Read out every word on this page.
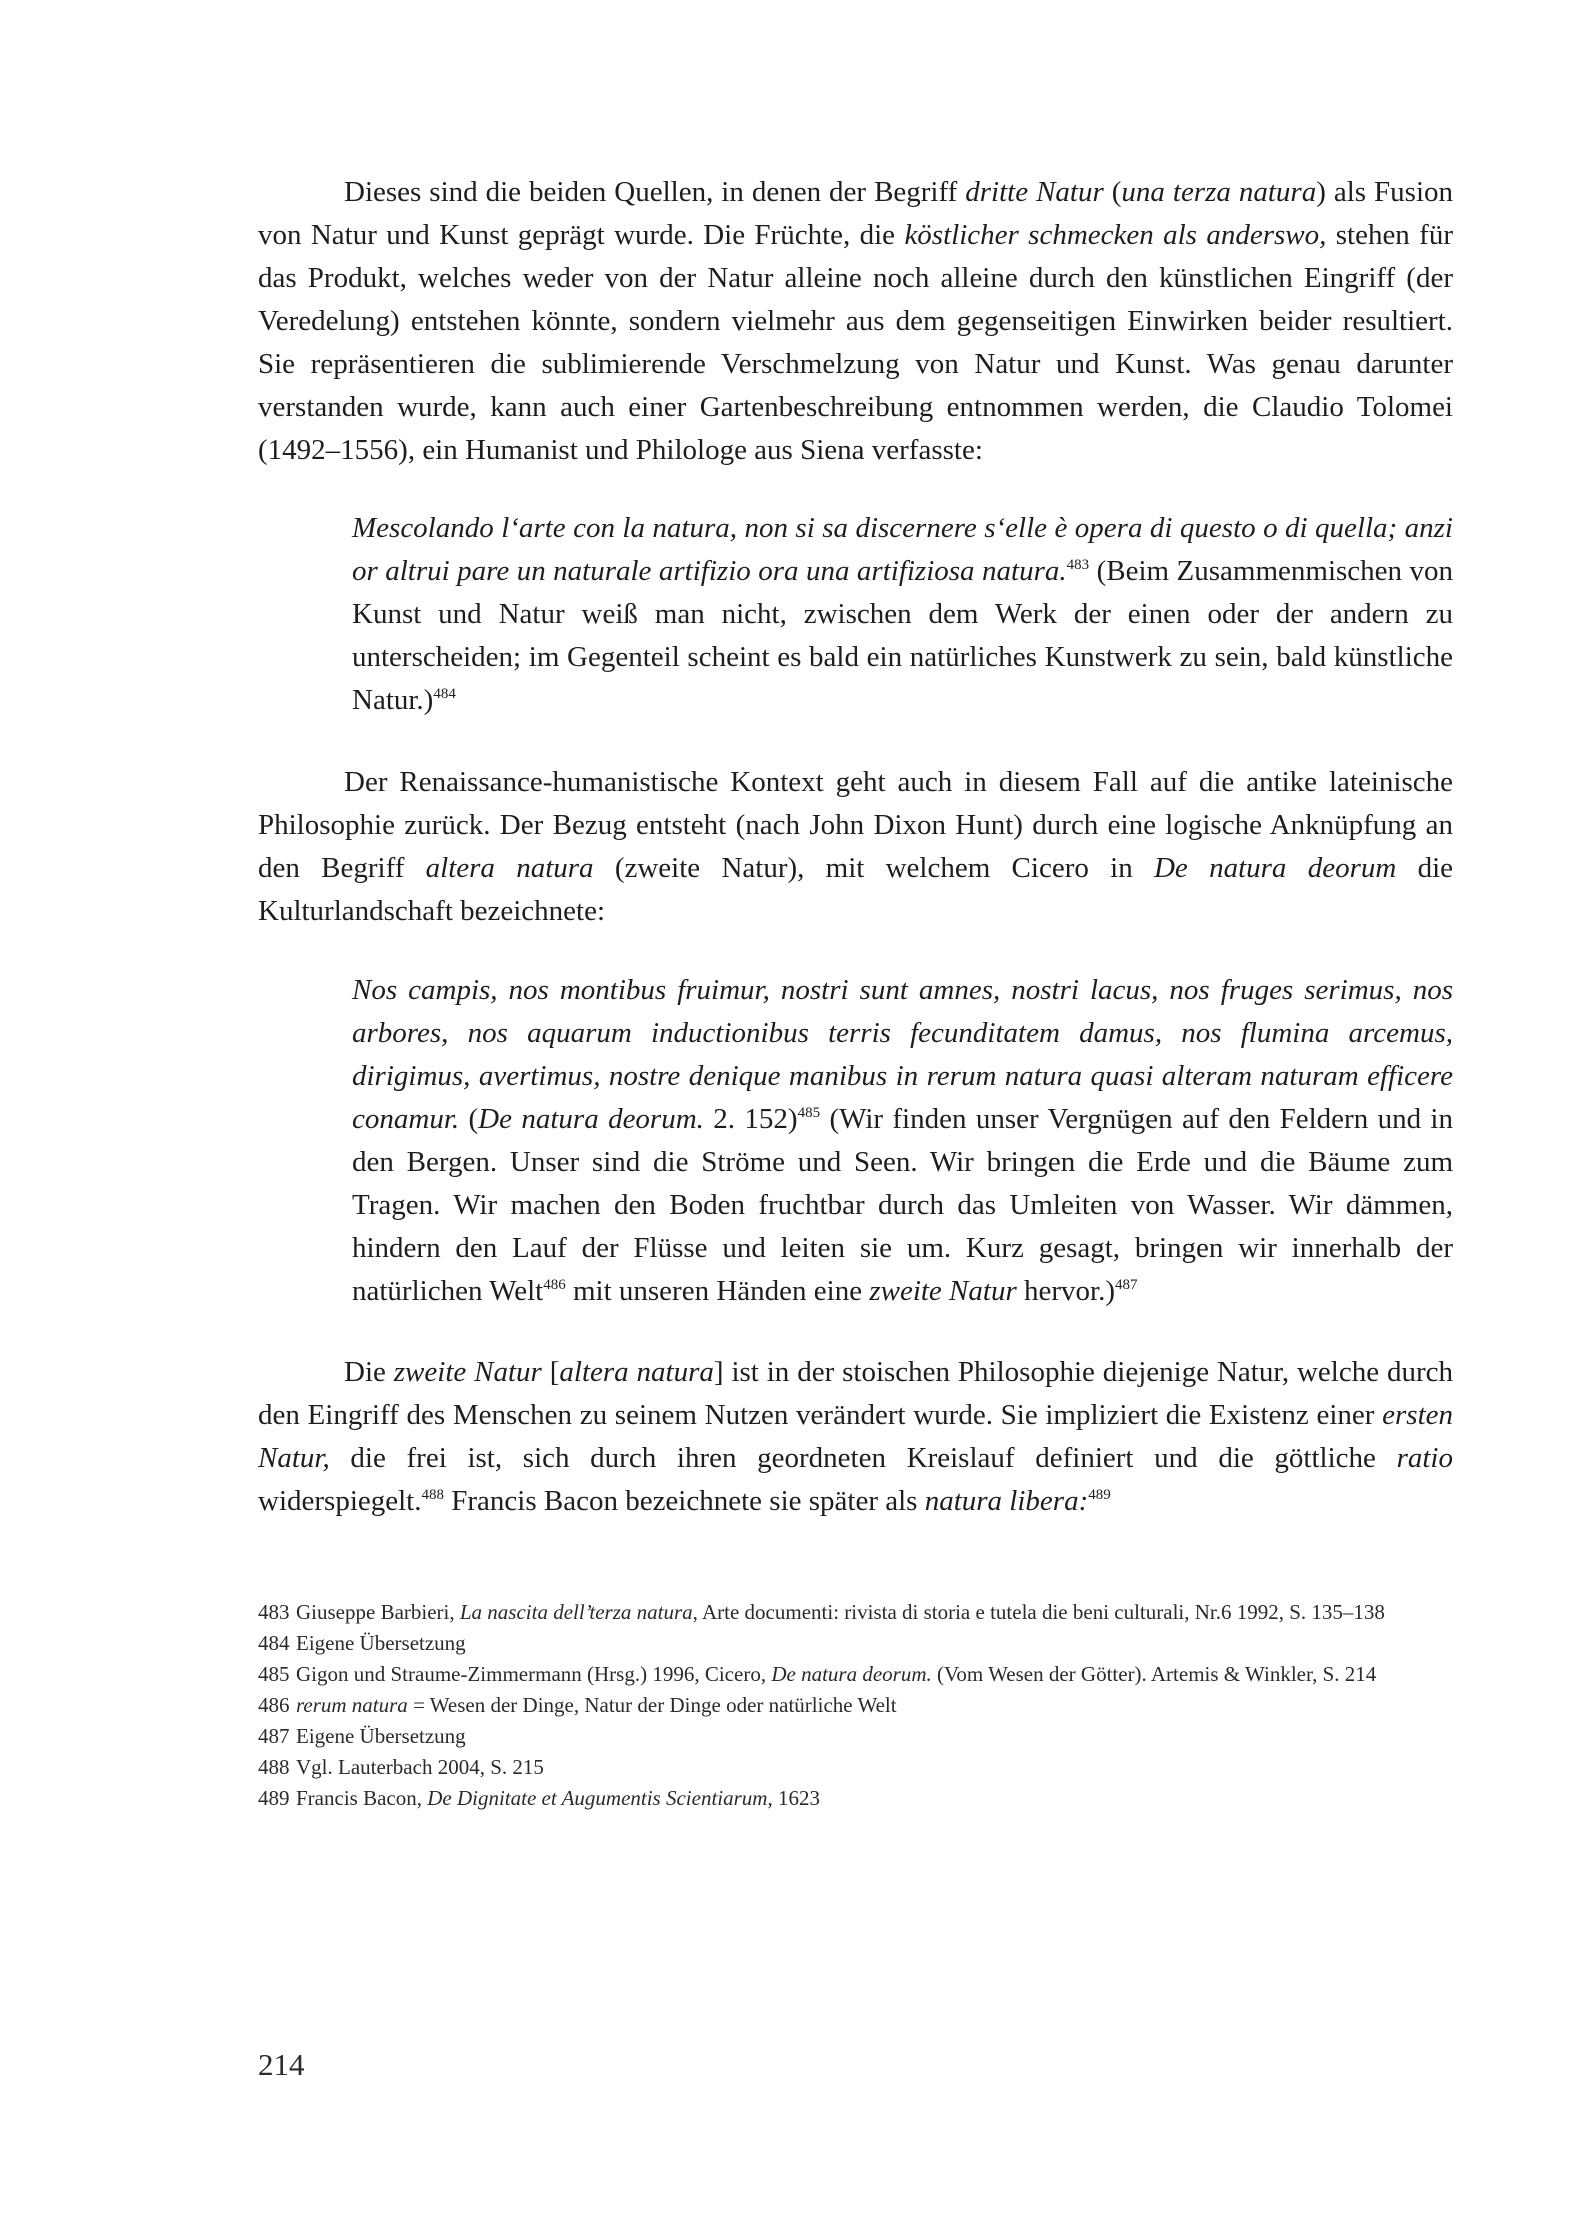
Dieses sind die beiden Quellen, in denen der Begriff dritte Natur (una terza natura) als Fusion von Natur und Kunst geprägt wurde. Die Früchte, die köstlicher schmecken als anderswo, stehen für das Produkt, welches weder von der Natur alleine noch alleine durch den künstlichen Eingriff (der Veredelung) entstehen könnte, sondern vielmehr aus dem gegenseitigen Einwirken beider resultiert. Sie repräsentieren die sublimierende Verschmelzung von Natur und Kunst. Was genau darunter verstanden wurde, kann auch einer Gartenbeschreibung entnommen werden, die Claudio Tolomei (1492–1556), ein Humanist und Philologe aus Siena verfasste:

Mescolando l‘arte con la natura, non si sa discernere s‘elle è opera di questo o di quella; anzi or altrui pare un naturale artifizio ora una artifiziosa natura.$^{483}$ (Beim Zusammenmischen von Kunst und Natur weiß man nicht, zwischen dem Werk der einen oder der andern zu unterscheiden; im Gegenteil scheint es bald ein natürliches Kunstwerk zu sein, bald künstliche Natur.)$^{484}$

Der Renaissance-humanistische Kontext geht auch in diesem Fall auf die antike lateinische Philosophie zurück. Der Bezug entsteht (nach John Dixon Hunt) durch eine logische Anknüpfung an den Begriff altera natura (zweite Natur), mit welchem Cicero in De natura deorum die Kulturlandschaft bezeichnete:

Nos campis, nos montibus fruimur, nostri sunt amnes, nostri lacus, nos fruges serimus, nos arbores, nos aquarum inductionibus terris fecunditatem damus, nos flumina arcemus, dirigimus, avertimus, nostre denique manibus in rerum natura quasi alteram naturam efficere conamur. (De natura deorum. 2. 152)$^{485}$ (Wir finden unser Vergnügen auf den Feldern und in den Bergen. Unser sind die Ströme und Seen. Wir bringen die Erde und die Bäume zum Tragen. Wir machen den Boden fruchtbar durch das Umleiten von Wasser. Wir dämmen, hindern den Lauf der Flüsse und leiten sie um. Kurz gesagt, bringen wir innerhalb der natürlichen Welt$^{486}$ mit unseren Händen eine zweite Natur hervor.)$^{487}$

Die zweite Natur [altera natura] ist in der stoischen Philosophie diejenige Natur, welche durch den Eingriff des Menschen zu seinem Nutzen verändert wurde. Sie impliziert die Existenz einer ersten Natur, die frei ist, sich durch ihren geordneten Kreislauf definiert und die göttliche ratio widerspiegelt.$^{488}$ Francis Bacon bezeichnete sie später als natura libera:$^{489}$

483 Giuseppe Barbieri, La nascita dell’terza natura, Arte documenti: rivista di storia e tutela die beni culturali, Nr.6 1992, S. 135–138
484 Eigene Übersetzung
485 Gigon und Straume-Zimmermann (Hrsg.) 1996, Cicero, De natura deorum. (Vom Wesen der Götter). Artemis & Winkler, S. 214
486 rerum natura = Wesen der Dinge, Natur der Dinge oder natürliche Welt
487 Eigene Übersetzung
488 Vgl. Lauterbach 2004, S. 215
489 Francis Bacon, De Dignitate et Augumentis Scientiarum, 1623
214
